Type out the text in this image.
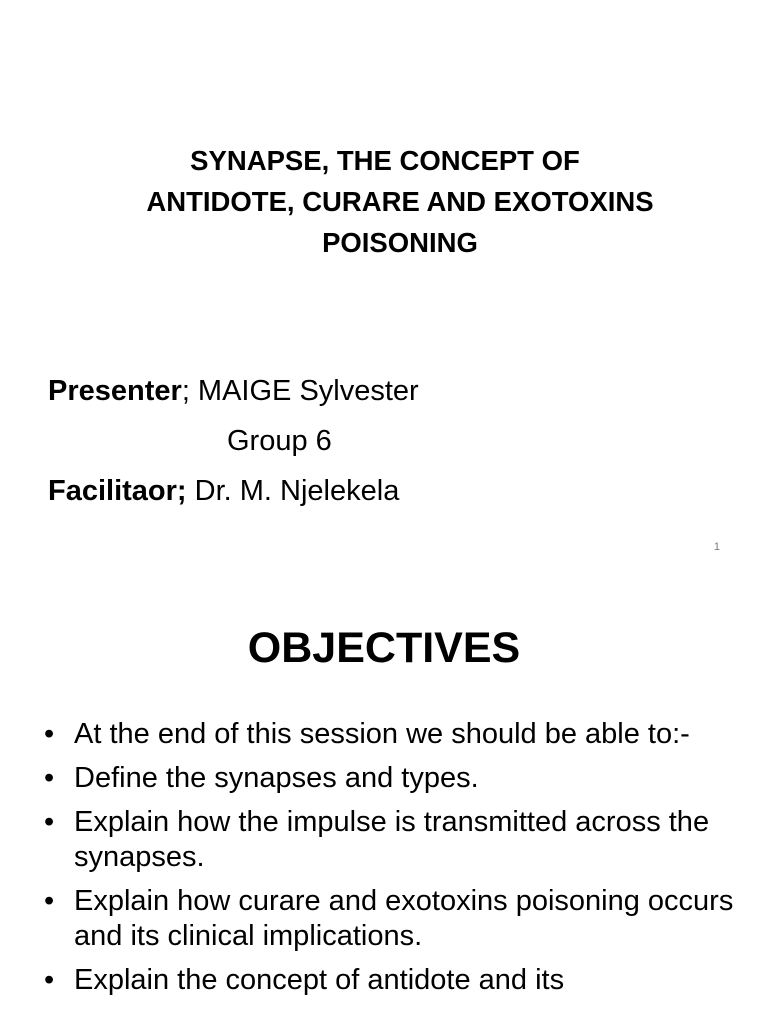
SYNAPSE, THE CONCEPT OF
ANTIDOTE, CURARE AND EXOTOXINS
POISONING
Presenter; MAIGE Sylvester
Group 6
Facilitaor; Dr. M. Njelekela
1
OBJECTIVES
• At the end of this session we should be able to:-
• Define the synapses and types.
• Explain how the impulse is transmitted across the synapses.
• Explain how curare and exotoxins poisoning occurs and its clinical implications.
• Explain the concept of antidote and its
